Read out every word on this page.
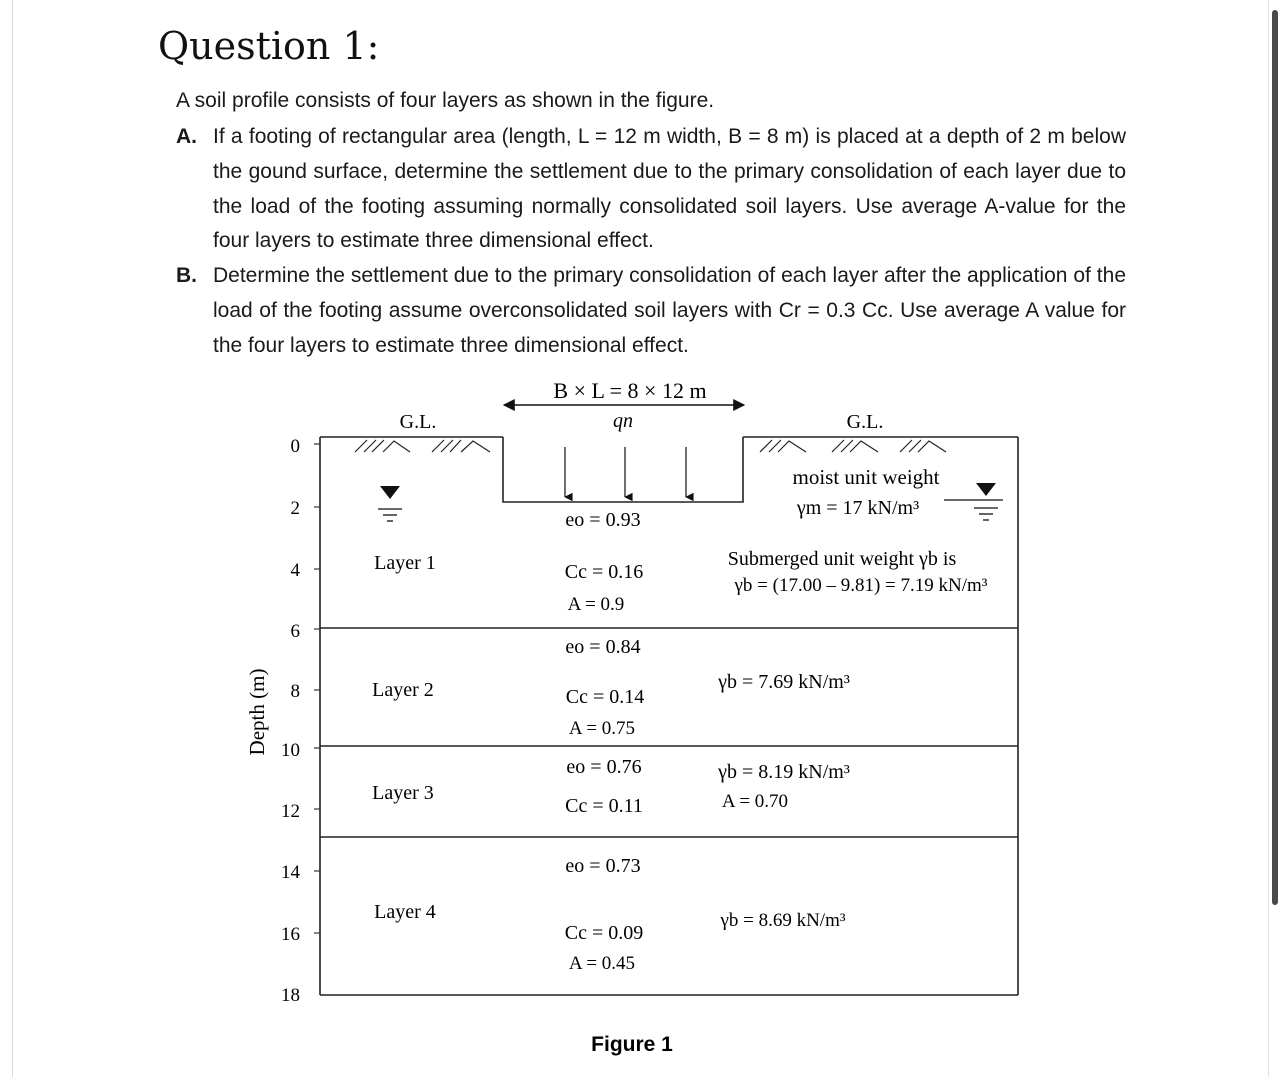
Question 1:

A soil profile consists of four layers as shown in the figure.

A. If a footing of rectangular area (length, L = 12 m width, B = 8 m) is placed at a depth of 2 m below the gound surface, determine the settlement due to the primary consolidation of each layer due to the load of the footing assuming normally consolidated soil layers. Use average A-value for the four layers to estimate three dimensional effect.
B. Determine the settlement due to the primary consolidation of each layer after the application of the load of the footing assume overconsolidated soil layers with Cr = 0.3 Cc. Use average A value for the four layers to estimate three dimensional effect.
B × L = 8 × 12 m
qn
G.L.	G.L.
Depth (m)
0
2
4
6
8
10
12
14
16
18
moist unit weight
γm = 17 kN/m³
Submerged unit weight γb is
γb = (17.00 – 9.81) = 7.19 kN/m³
Layer 1
eo = 0.93
Cc = 0.16
A = 0.9
Layer 2
eo = 0.84
Cc = 0.14
A = 0.75
γb = 7.69 kN/m³
Layer 3
eo = 0.76
Cc = 0.11
γb = 8.19 kN/m³
A = 0.70
Layer 4
eo = 0.73
Cc = 0.09
A = 0.45
γb = 8.69 kN/m³
Figure 1
